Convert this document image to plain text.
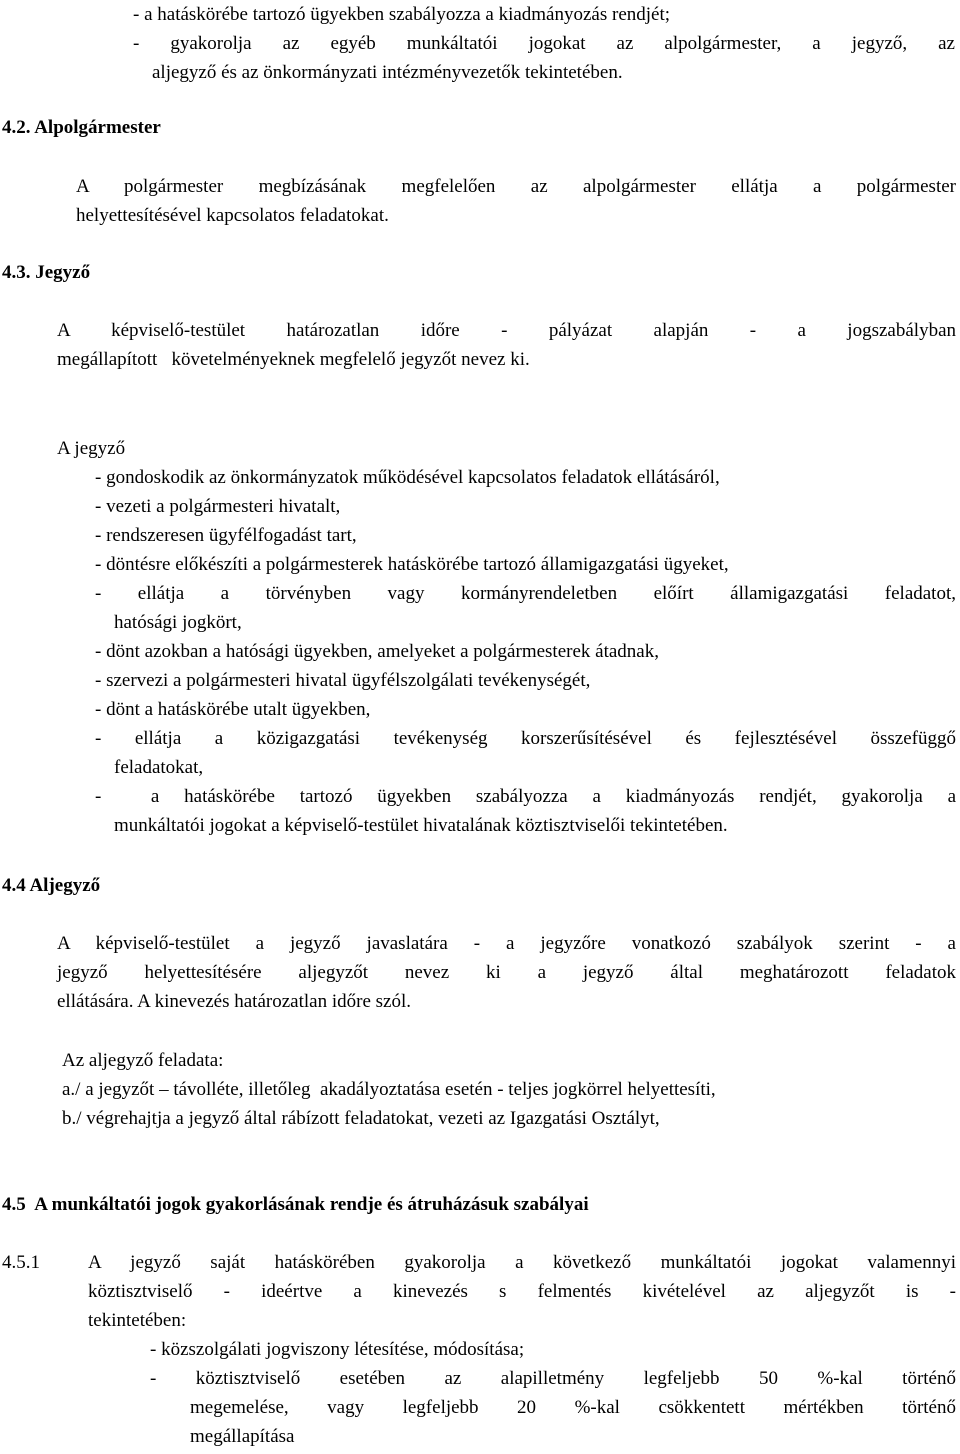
- a hatáskörébe tartozó ügyekben szabályozza a kiadmányozás rendjét;
- gyakorolja az egyéb munkáltatói jogokat az alpolgármester, a jegyző, az
aljegyző és az önkormányzati intézményvezetők tekintetében.
4.2. Alpolgármester
A polgármester megbízásának megfelelően az alpolgármester ellátja a polgármester
helyettesítésével kapcsolatos feladatokat.
4.3. Jegyző
A képviselő-testület határozatlan időre - pályázat alapján - a jogszabályban
megállapított   követelményeknek megfelelő jegyzőt nevez ki.
A jegyző
- gondoskodik az önkormányzatok működésével kapcsolatos feladatok ellátásáról,
- vezeti a polgármesteri hivatalt,
- rendszeresen ügyfélfogadást tart,
- döntésre előkészíti a polgármesterek hatáskörébe tartozó államigazgatási ügyeket,
- ellátja a törvényben vagy kormányrendeletben előírt államigazgatási feladatot,
hatósági jogkört,
- dönt azokban a hatósági ügyekben, amelyeket a polgármesterek átadnak,
- szervezi a polgármesteri hivatal ügyfélszolgálati tevékenységét,
- dönt a hatáskörébe utalt ügyekben,
- ellátja a közigazgatási tevékenység korszerűsítésével és fejlesztésével összefüggő
feladatokat,
-  a hatáskörébe tartozó ügyekben szabályozza a kiadmányozás rendjét, gyakorolja a
munkáltatói jogokat a képviselő-testület hivatalának köztisztviselői tekintetében.
4.4 Aljegyző
A képviselő-testület a jegyző javaslatára - a jegyzőre vonatkozó szabályok szerint - a
jegyző helyettesítésére aljegyzőt nevez ki a jegyző által meghatározott feladatok
ellátására. A kinevezés határozatlan időre szól.
Az aljegyző feladata:
a./ a jegyzőt – távolléte, illetőleg  akadályoztatása esetén - teljes jogkörrel helyettesíti,
b./ végrehajtja a jegyző által rábízott feladatokat, vezeti az Igazgatási Osztályt,
4.5  A munkáltatói jogok gyakorlásának rendje és átruházásuk szabályai
4.5.1	A jegyző saját hatáskörében gyakorolja a következő munkáltatói jogokat valamennyi
köztisztviselő - ideértve a kinevezés s felmentés kivételével az aljegyzőt is -
tekintetében:
- közszolgálati jogviszony létesítése, módosítása;
- köztisztviselő esetében az alapilletmény legfeljebb 50 %-kal történő
megemelése, vagy legfeljebb 20 %-kal csökkentett mértékben történő
megállapítása
